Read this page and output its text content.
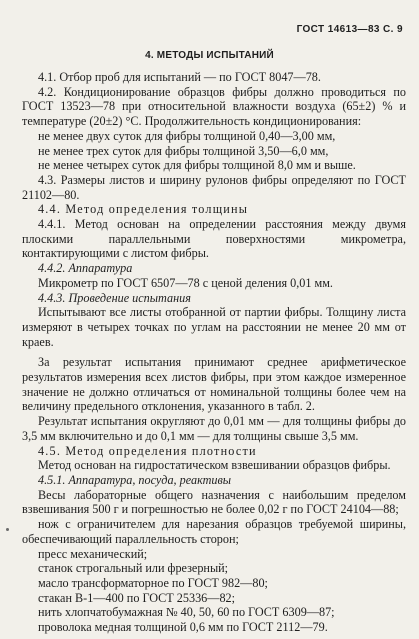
ГОСТ 14613—83 С. 9
4. МЕТОДЫ ИСПЫТАНИЙ

4.1. Отбор проб для испытаний — по ГОСТ 8047—78.

4.2. Кондиционирование образцов фибры должно проводиться по ГОСТ 13523—78 при относительной влажности воздуха (65±2) % и температуре (20±2) °С. Продолжительность кондиционирования:

не менее двух суток для фибры толщиной 0,40—3,00 мм,

не менее трех суток для фибры толщиной 3,50—6,0 мм,

не менее четырех суток для фибры толщиной 8,0 мм и выше.

4.3. Размеры листов и ширину рулонов фибры определяют по ГОСТ 21102—80.

4.4. Метод определения толщины

4.4.1. Метод основан на определении расстояния между двумя плоскими параллельными поверхностями микрометра, контактирующими с листом фибры.

4.4.2. Аппаратура

Микрометр по ГОСТ 6507—78 с ценой деления 0,01 мм.

4.4.3. Проведение испытания

Испытывают все листы отобранной от партии фибры. Толщину листа измеряют в четырех точках по углам на расстоянии не менее 20 мм от краев.

За результат испытания принимают среднее арифметическое результатов измерения всех листов фибры, при этом каждое измеренное значение не должно отличаться от номинальной толщины более чем на величину предельного отклонения, указанного в табл. 2.

Результат испытания округляют до 0,01 мм — для толщины фибры до 3,5 мм включительно и до 0,1 мм — для толщины свыше 3,5 мм.

4.5. Метод определения плотности

Метод основан на гидростатическом взвешивании образцов фибры.

4.5.1. Аппаратура, посуда, реактивы

Весы лабораторные общего назначения с наибольшим пределом взвешивания 500 г и погрешностью не более 0,02 г по ГОСТ 24104—88;

нож с ограничителем для нарезания образцов требуемой ширины, обеспечивающий параллельность сторон;

пресс механический;

станок строгальный или фрезерный;

масло трансформаторное по ГОСТ 982—80;

стакан В-1—400 по ГОСТ 25336—82;

нить хлопчатобумажная № 40, 50, 60 по ГОСТ 6309—87;

проволока медная толщиной 0,6 мм по ГОСТ 2112—79.
